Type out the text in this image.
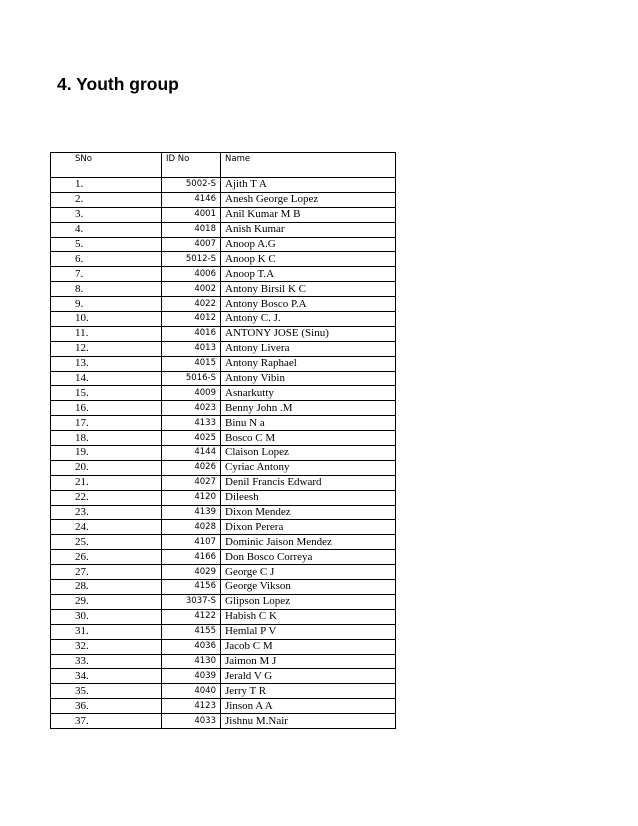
4. Youth group
SNo	ID No	Name
1.	5002-S	Ajith T A
2.	4146	Anesh George Lopez
3.	4001	Anil Kumar M B
4.	4018	Anish Kumar
5.	4007	Anoop A.G
6.	5012-S	Anoop K C
7.	4006	Anoop T.A
8.	4002	Antony Birsil K C
9.	4022	Antony Bosco P.A
10.	4012	Antony C. J.
11.	4016	ANTONY JOSE (Sinu)
12.	4013	Antony Livera
13.	4015	Antony Raphael
14.	5016-S	Antony Vibin
15.	4009	Asnarkutty
16.	4023	Benny John .M
17.	4133	Binu N a
18.	4025	Bosco C M
19.	4144	Claison Lopez
20.	4026	Cyriac Antony
21.	4027	Denil Francis Edward
22.	4120	Dileesh
23.	4139	Dixon Mendez
24.	4028	Dixon Perera
25.	4107	Dominic Jaison Mendez
26.	4166	Don Bosco Correya
27.	4029	George C J
28.	4156	George Vikson
29.	3037-S	Glipson Lopez
30.	4122	Habish C K
31.	4155	Hemlal P V
32.	4036	Jacob C M
33.	4130	Jaimon M J
34.	4039	Jerald V G
35.	4040	Jerry T R
36.	4123	Jinson A A
37.	4033	Jishnu M.Nair
